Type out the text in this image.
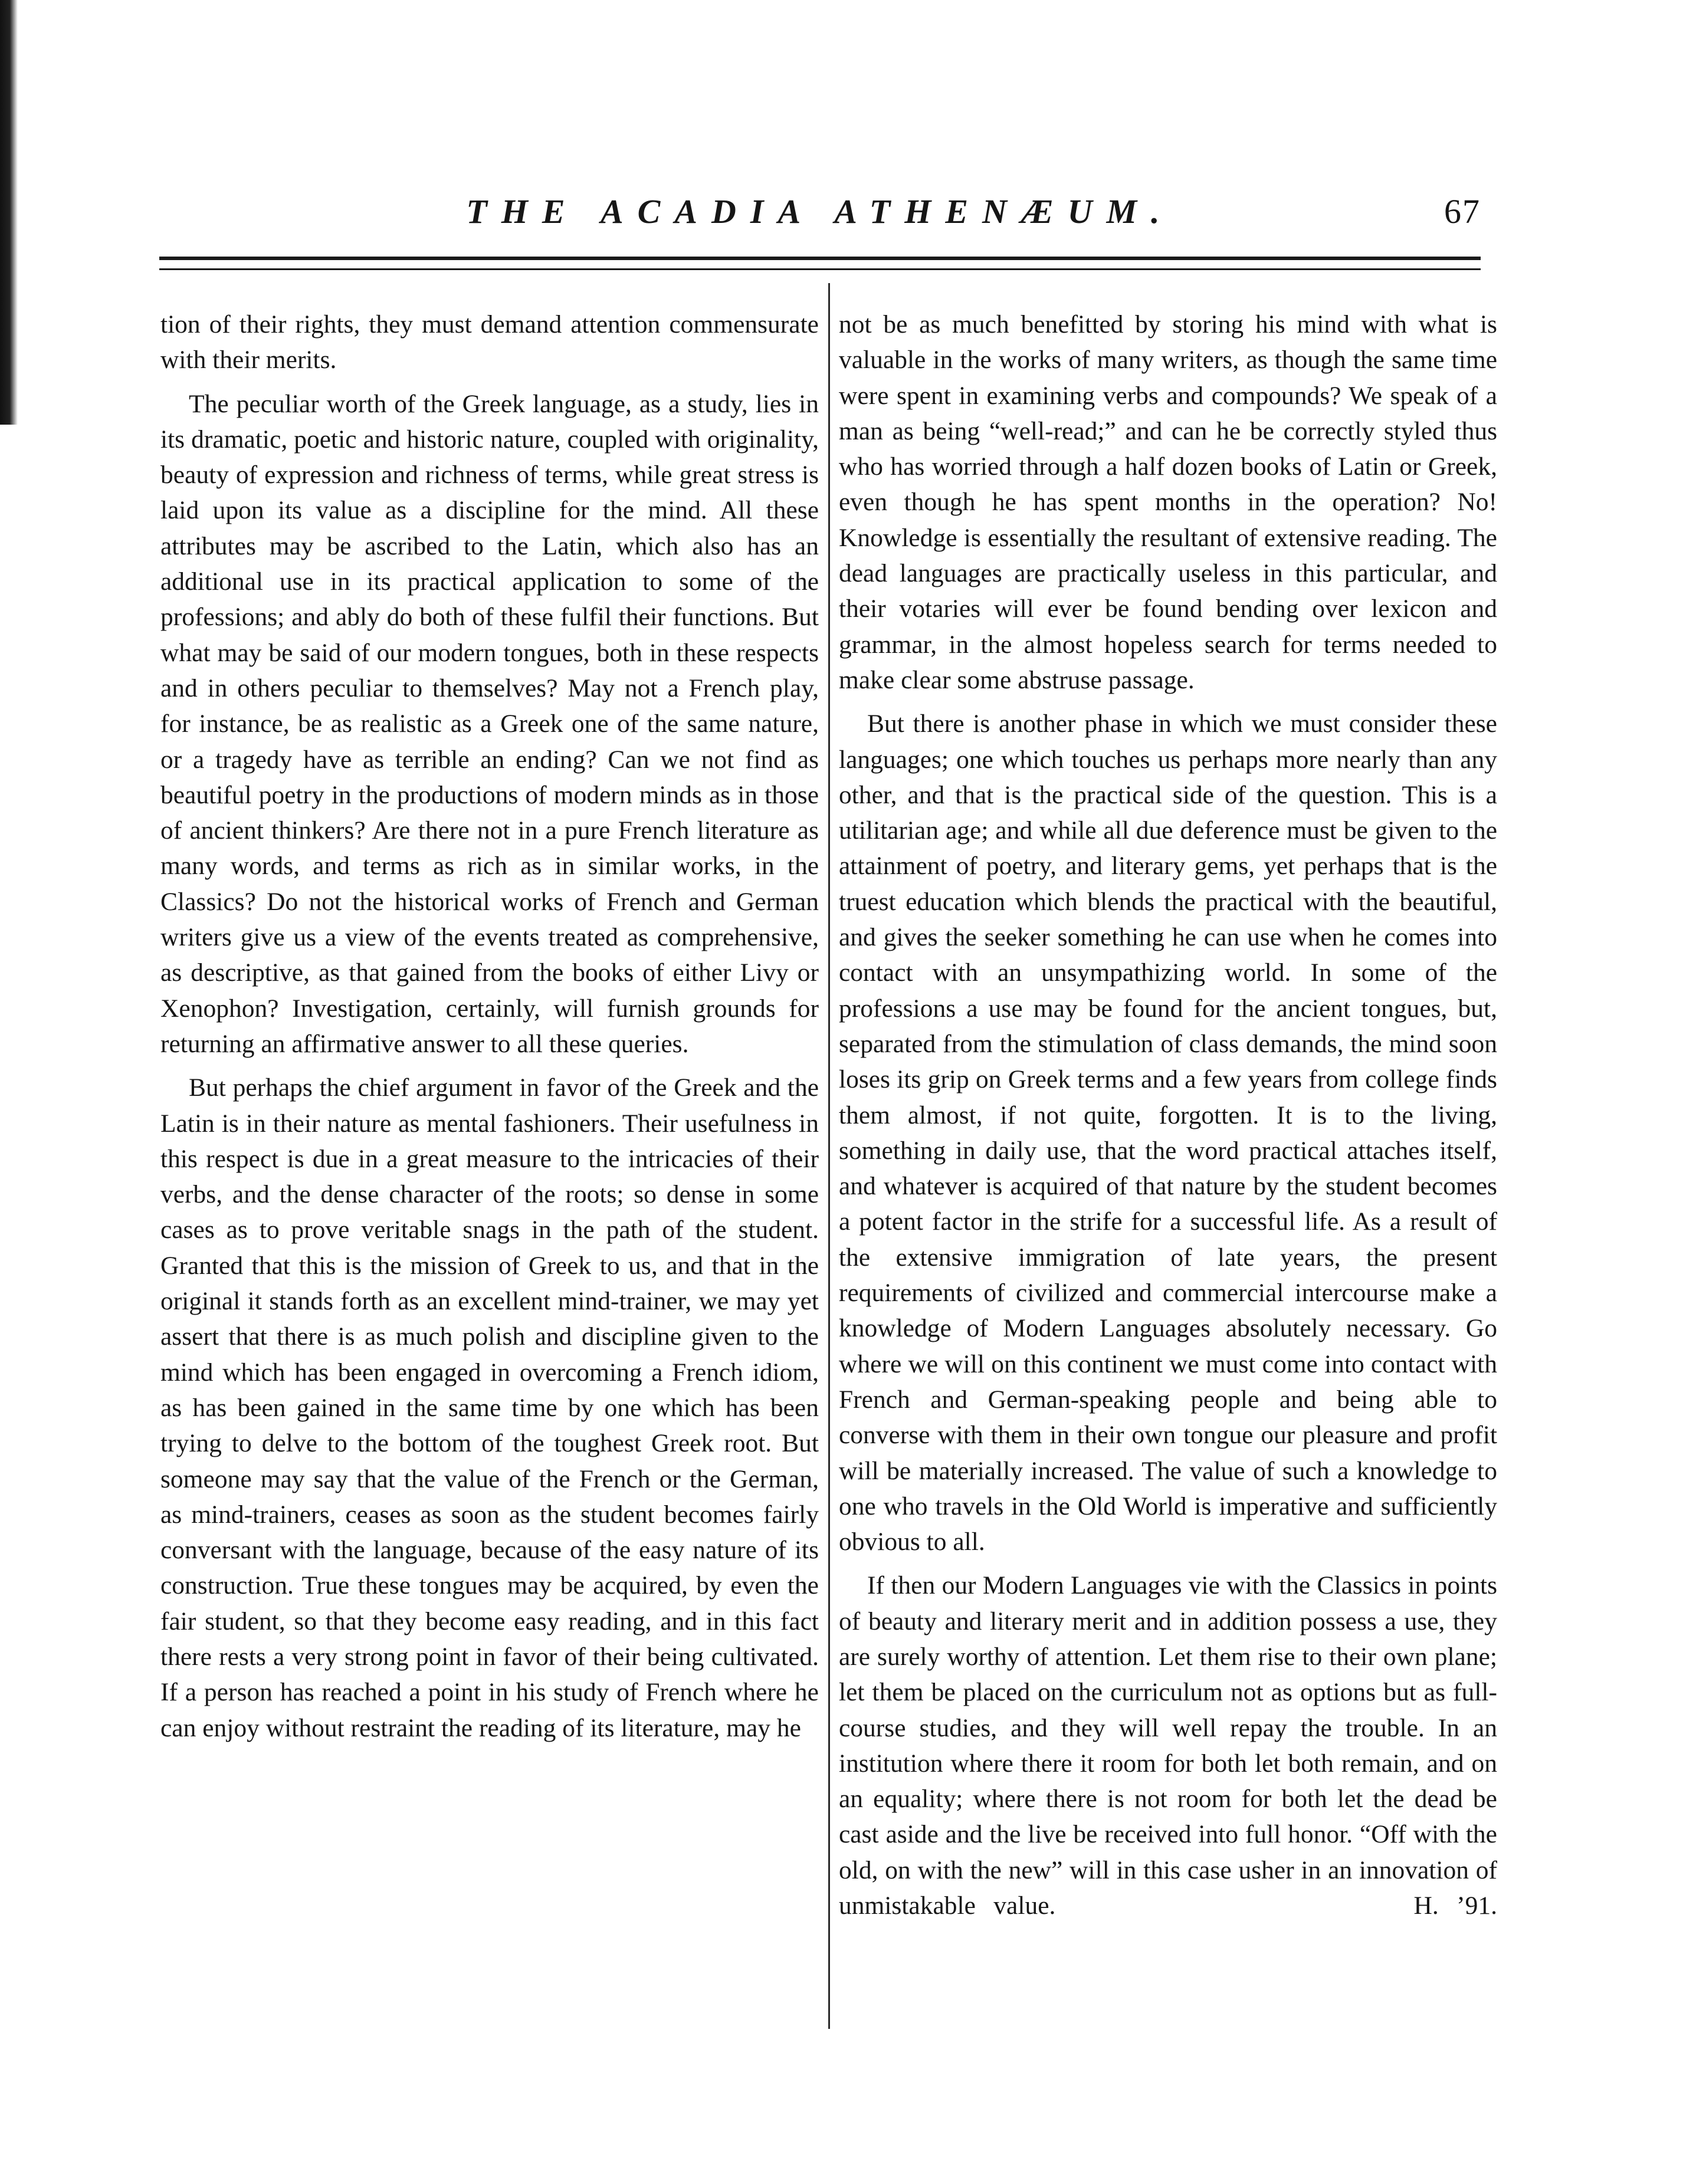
THE ACADIA ATHENÆUM.	67

tion of their rights, they must demand attention commensurate with their merits.

The peculiar worth of the Greek language, as a study, lies in its dramatic, poetic and historic nature, coupled with originality, beauty of expression and richness of terms, while great stress is laid upon its value as a discipline for the mind. All these attributes may be ascribed to the Latin, which also has an additional use in its practical application to some of the professions; and ably do both of these fulfil their functions. But what may be said of our modern tongues, both in these respects and in others peculiar to themselves? May not a French play, for instance, be as realistic as a Greek one of the same nature, or a tragedy have as terrible an ending? Can we not find as beautiful poetry in the productions of modern minds as in those of ancient thinkers? Are there not in a pure French literature as many words, and terms as rich as in similar works, in the Classics? Do not the historical works of French and German writers give us a view of the events treated as comprehensive, as descriptive, as that gained from the books of either Livy or Xenophon? Investigation, certainly, will furnish grounds for returning an affirmative answer to all these queries.

But perhaps the chief argument in favor of the Greek and the Latin is in their nature as mental fashioners. Their usefulness in this respect is due in a great measure to the intricacies of their verbs, and the dense character of the roots; so dense in some cases as to prove veritable snags in the path of the student. Granted that this is the mission of Greek to us, and that in the original it stands forth as an excellent mind-trainer, we may yet assert that there is as much polish and discipline given to the mind which has been engaged in overcoming a French idiom, as has been gained in the same time by one which has been trying to delve to the bottom of the toughest Greek root. But someone may say that the value of the French or the German, as mind-trainers, ceases as soon as the student becomes fairly conversant with the language, because of the easy nature of its construction. True these tongues may be acquired, by even the fair student, so that they become easy reading, and in this fact there rests a very strong point in favor of their being cultivated. If a person has reached a point in his study of French where he can enjoy without restraint the reading of its literature, may he

not be as much benefitted by storing his mind with what is valuable in the works of many writers, as though the same time were spent in examining verbs and compounds? We speak of a man as being “well-read;” and can he be correctly styled thus who has worried through a half dozen books of Latin or Greek, even though he has spent months in the operation? No! Knowledge is essentially the resultant of extensive reading. The dead languages are practically useless in this particular, and their votaries will ever be found bending over lexicon and grammar, in the almost hopeless search for terms needed to make clear some abstruse passage.

But there is another phase in which we must consider these languages; one which touches us perhaps more nearly than any other, and that is the practical side of the question. This is a utilitarian age; and while all due deference must be given to the attainment of poetry, and literary gems, yet perhaps that is the truest education which blends the practical with the beautiful, and gives the seeker something he can use when he comes into contact with an unsympathizing world. In some of the professions a use may be found for the ancient tongues, but, separated from the stimulation of class demands, the mind soon loses its grip on Greek terms and a few years from college finds them almost, if not quite, forgotten. It is to the living, something in daily use, that the word practical attaches itself, and whatever is acquired of that nature by the student becomes a potent factor in the strife for a successful life. As a result of the extensive immigration of late years, the present requirements of civilized and commercial intercourse make a knowledge of Modern Languages absolutely necessary. Go where we will on this continent we must come into contact with French and German-speaking people and being able to converse with them in their own tongue our pleasure and profit will be materially increased. The value of such a knowledge to one who travels in the Old World is imperative and sufficiently obvious to all.

If then our Modern Languages vie with the Classics in points of beauty and literary merit and in addition possess a use, they are surely worthy of attention. Let them rise to their own plane; let them be placed on the curriculum not as options but as full-course studies, and they will well repay the trouble. In an institution where there it room for both let both remain, and on an equality; where there is not room for both let the dead be cast aside and the live be received into full honor. “Off with the old, on with the new” will in this case usher in an innovation of unmistakable value.	H. ’91.
